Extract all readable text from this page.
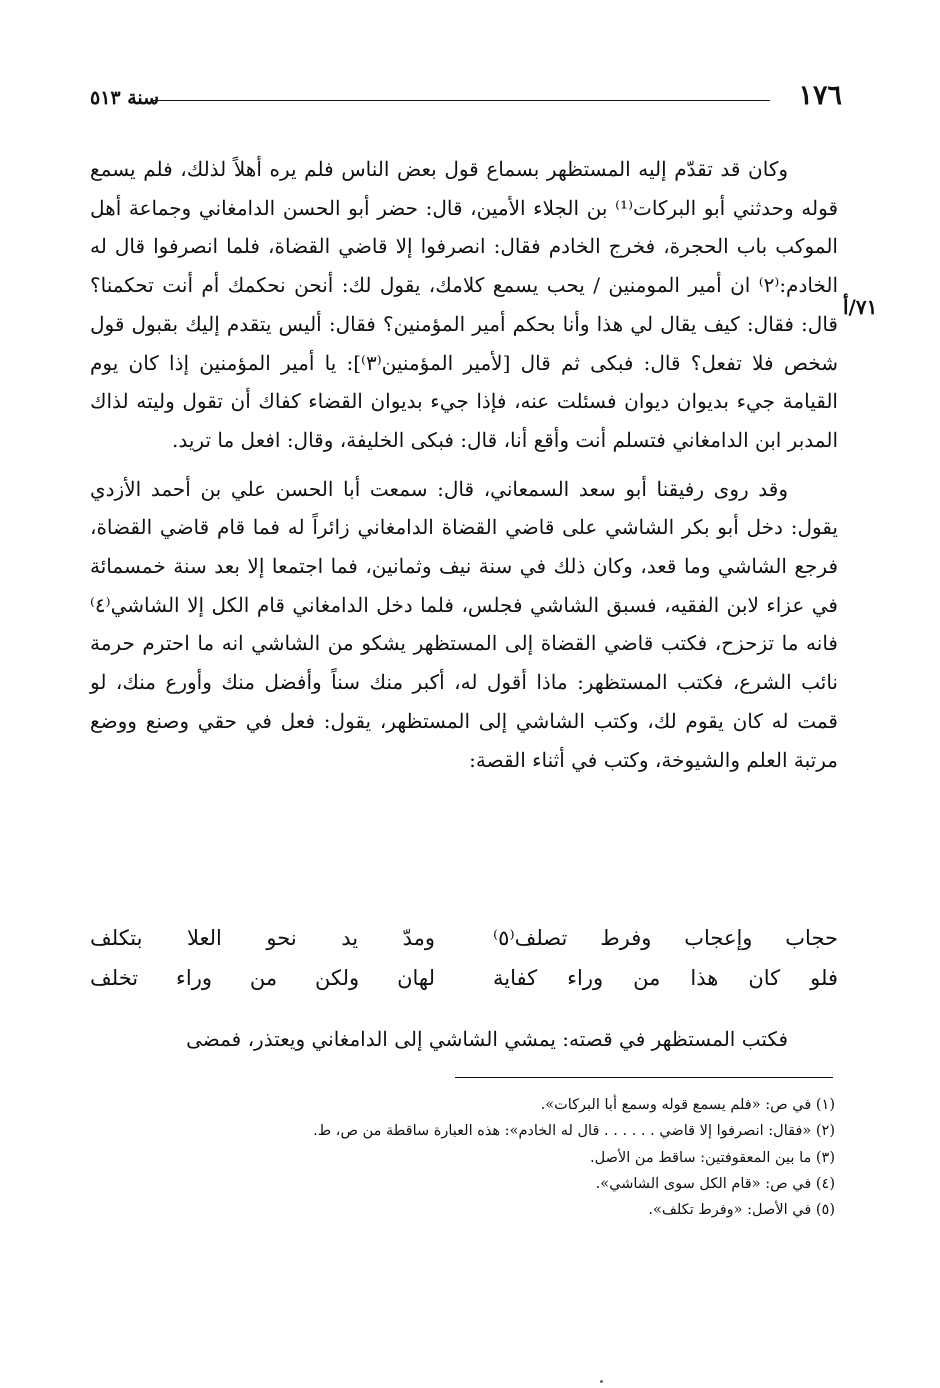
١٧٦
سنة ٥١٣
٧١/أ

وكان قد تقدّم إليه المستظهر بسماع قول بعض الناس فلم يره أهلاً لذلك، فلم يسمع قوله وحدثني أبو البركات⁽¹⁾ بن الجلاء الأمين، قال: حضر أبو الحسن الدامغاني وجماعة أهل الموكب باب الحجرة، فخرج الخادم فقال: انصرفوا إلا قاضي القضاة، فلما انصرفوا قال له الخادم:⁽٢⁾ ان أمير المومنين / يحب يسمع كلامك، يقول لك: أنحن نحكمك أم أنت تحكمنا؟ قال: فقال: كيف يقال لي هذا وأنا بحكم أمير المؤمنين؟ فقال: أليس يتقدم إليك بقبول قول شخص فلا تفعل؟ قال: فبكى ثم قال [لأمير المؤمنين⁽٣⁾]: يا أمير المؤمنين إذا كان يوم القيامة جيء بديوان ديوان فسئلت عنه، فإذا جيء بديوان القضاء كفاك أن تقول وليته لذاك المدبر ابن الدامغاني فتسلم أنت وأقع أنا، قال: فبكى الخليفة، وقال: افعل ما تريد.

وقد روى رفيقنا أبو سعد السمعاني، قال: سمعت أبا الحسن علي بن أحمد الأزدي يقول: دخل أبو بكر الشاشي على قاضي القضاة الدامغاني زائراً له فما قام قاضي القضاة، فرجع الشاشي وما قعد، وكان ذلك في سنة نيف وثمانين، فما اجتمعا إلا بعد سنة خمسمائة في عزاء لابن الفقيه، فسبق الشاشي فجلس، فلما دخل الدامغاني قام الكل إلا الشاشي⁽٤⁾ فانه ما تزحزح، فكتب قاضي القضاة إلى المستظهر يشكو من الشاشي انه ما احترم حرمة نائب الشرع، فكتب المستظهر: ماذا أقول له، أكبر منك سناً وأفضل منك وأورع منك، لو قمت له كان يقوم لك، وكتب الشاشي إلى المستظهر، يقول: فعل في حقي وصنع ووضع مرتبة العلم والشيوخة، وكتب في أثناء القصة:

حجاب وإعجاب وفرط تصلف⁽٥⁾
ومدّ يد نحو العلا بتكلف
فلو كان هذا من وراء كفاية
لهان ولكن من وراء تخلف
فكتب المستظهر في قصته: يمشي الشاشي إلى الدامغاني ويعتذر، فمضى
(١) في ص: «فلم يسمع قوله وسمع أبا البركات».
(٢) «فقال: انصرفوا إلا قاضي . . . . . . قال له الخادم»: هذه العبارة ساقطة من ص، ط.
(٣) ما بين المعقوفتين: ساقط من الأصل.
(٤) في ص: «قام الكل سوى الشاشي».
(٥) في الأصل: «وفرط تكلف».
